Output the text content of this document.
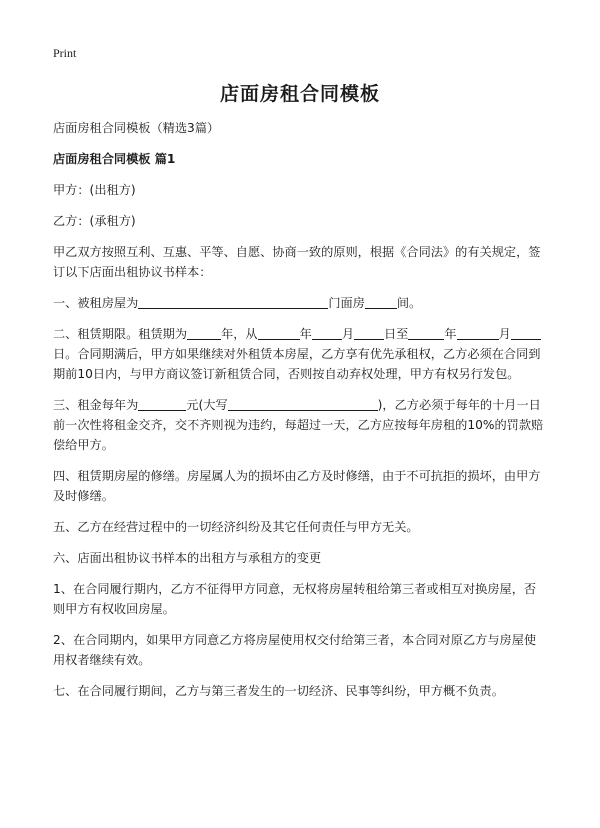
Print
店面房租合同模板

店面房租合同模板（精选3篇）

店面房租合同模板 篇1

甲方：(出租方)

乙方：(承租方)

甲乙双方按照互利、互惠、平等、自愿、协商一致的原则，根据《合同法》的有关规定，签订以下店面出租协议书样本：

一、被租房屋为	门面房	间。

二、租赁期限。租赁期为	年，从	年 月 日至	年	月日。合同期满后，甲方如果继续对外租赁本房屋，乙方享有优先承租权，乙方必须在合同到期前10日内，与甲方商议签订新租赁合同，否则按自动弃权处理，甲方有权另行发包。

三、租金每年为	元(大写	)，乙方必须于每年的十月一日前一次性将租金交齐，交不齐则视为违约，每超过一天，乙方应按每年房租的10%的罚款赔偿给甲方。

四、租赁期房屋的修缮。房屋属人为的损坏由乙方及时修缮，由于不可抗拒的损坏，由甲方及时修缮。

五、乙方在经营过程中的一切经济纠纷及其它任何责任与甲方无关。

六、店面出租协议书样本的出租方与承租方的变更

1、在合同履行期内，乙方不征得甲方同意，无权将房屋转租给第三者或相互对换房屋，否则甲方有权收回房屋。

2、在合同期内，如果甲方同意乙方将房屋使用权交付给第三者，本合同对原乙方与房屋使用权者继续有效。

七、在合同履行期间，乙方与第三者发生的一切经济、民事等纠纷，甲方概不负责。
